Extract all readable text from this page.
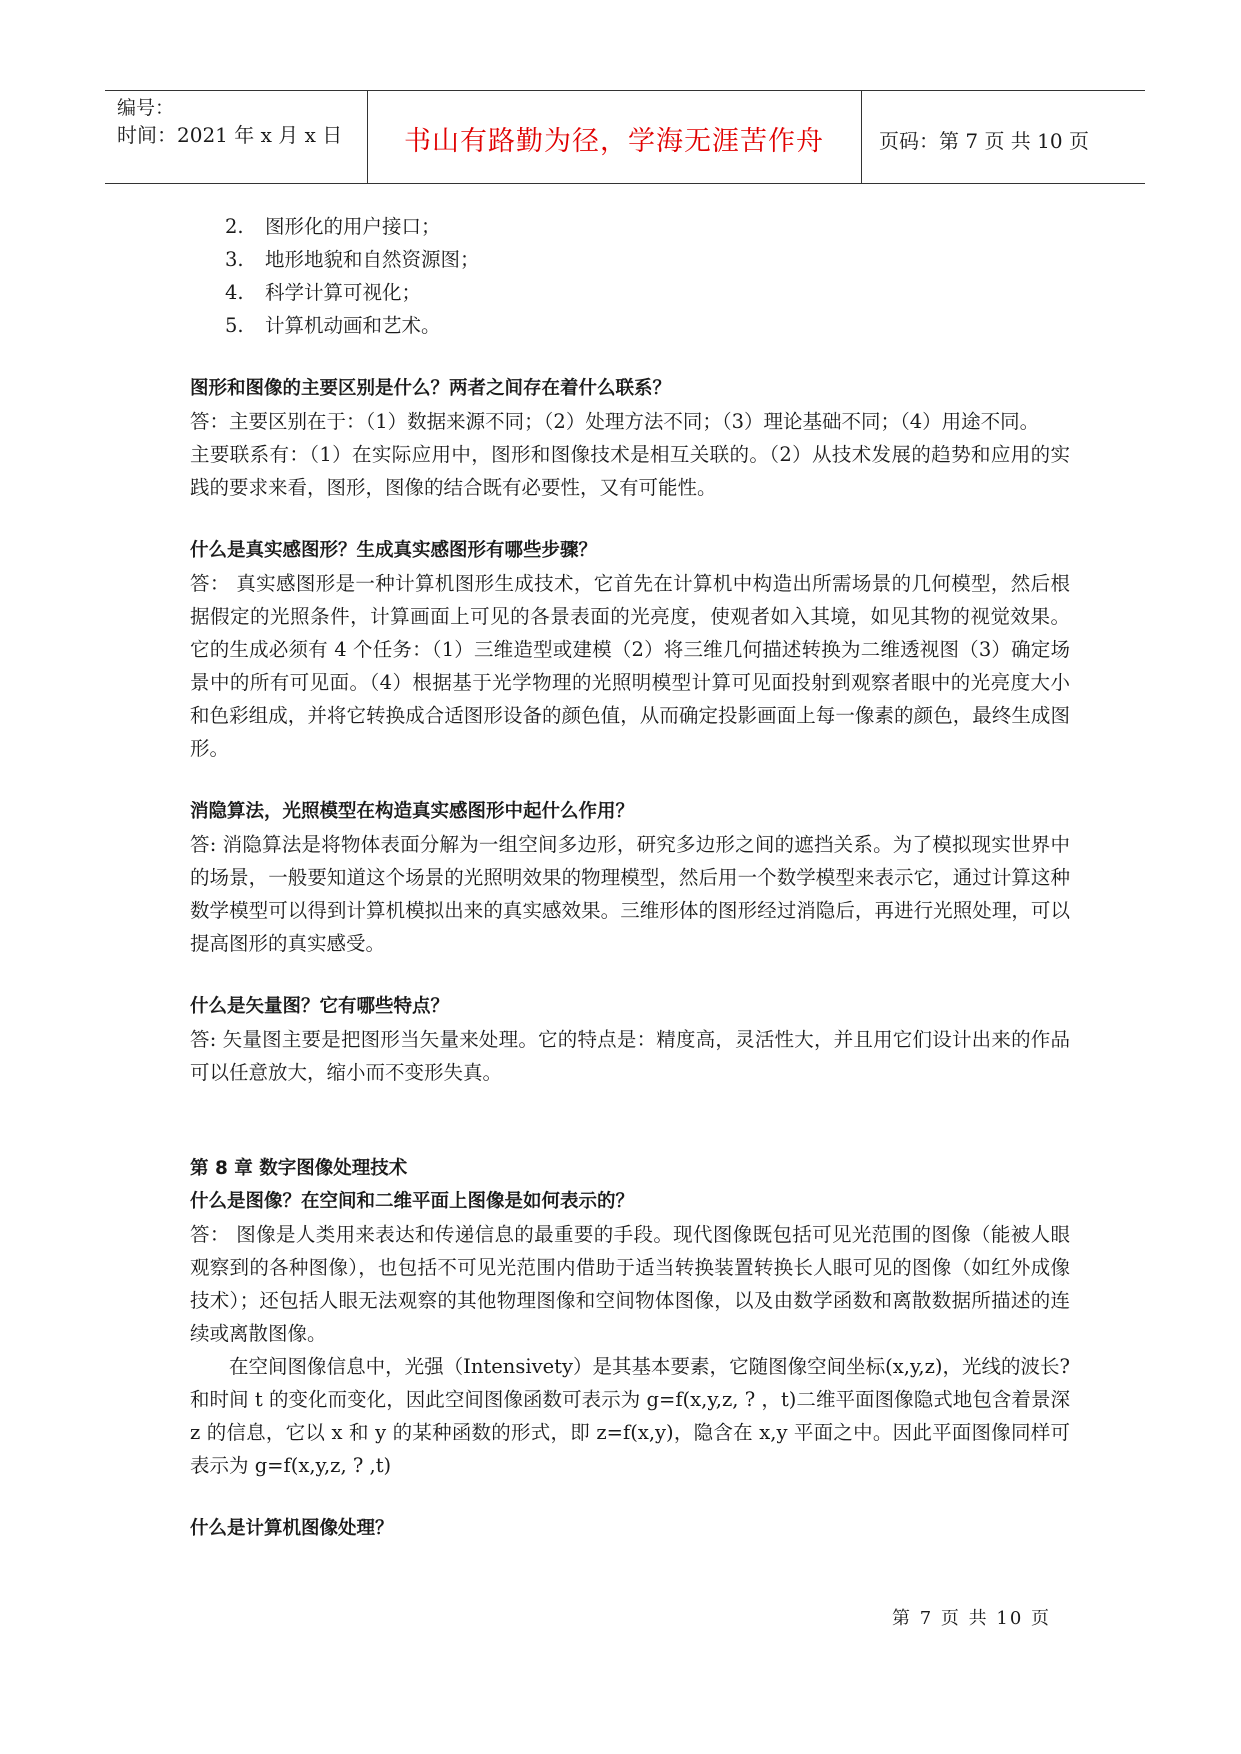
编号：
时间：2021 年 x 月 x 日	书山有路勤为径，学海无涯苦作舟	页码：第 7 页 共 10 页
2. 图形化的用户接口；
3. 地形地貌和自然资源图；
4. 科学计算可视化；
5. 计算机动画和艺术。

图形和图像的主要区别是什么？两者之间存在着什么联系？

答：主要区别在于：（1）数据来源不同；（2）处理方法不同；（3）理论基础不同；（4）用途不同。

主要联系有：（1）在实际应用中，图形和图像技术是相互关联的。（2）从技术发展的趋势和应用的实践的要求来看，图形，图像的结合既有必要性，又有可能性。

什么是真实感图形？生成真实感图形有哪些步骤？

答： 真实感图形是一种计算机图形生成技术，它首先在计算机中构造出所需场景的几何模型，然后根据假定的光照条件，计算画面上可见的各景表面的光亮度，使观者如入其境，如见其物的视觉效果。 它的生成必须有 4 个任务：（1）三维造型或建模（2）将三维几何描述转换为二维透视图（3）确定场景中的所有可见面。（4）根据基于光学物理的光照明模型计算可见面投射到观察者眼中的光亮度大小和色彩组成，并将它转换成合适图形设备的颜色值，从而确定投影画面上每一像素的颜色，最终生成图形。

消隐算法，光照模型在构造真实感图形中起什么作用？

答: 消隐算法是将物体表面分解为一组空间多边形，研究多边形之间的遮挡关系。为了模拟现实世界中的场景，一般要知道这个场景的光照明效果的物理模型，然后用一个数学模型来表示它，通过计算这种数学模型可以得到计算机模拟出来的真实感效果。三维形体的图形经过消隐后，再进行光照处理，可以提高图形的真实感受。

什么是矢量图？它有哪些特点？

答: 矢量图主要是把图形当矢量来处理。它的特点是：精度高，灵活性大，并且用它们设计出来的作品可以任意放大，缩小而不变形失真。

第 8 章 数字图像处理技术

什么是图像？在空间和二维平面上图像是如何表示的？

答： 图像是人类用来表达和传递信息的最重要的手段。现代图像既包括可见光范围的图像（能被人眼观察到的各种图像），也包括不可见光范围内借助于适当转换装置转换长人眼可见的图像（如红外成像技术）；还包括人眼无法观察的其他物理图像和空间物体图像，以及由数学函数和离散数据所描述的连续或离散图像。

在空间图像信息中，光强（Intensivety）是其基本要素，它随图像空间坐标(x,y,z)，光线的波长? 和时间 t 的变化而变化，因此空间图像函数可表示为 g=f(x,y,z, ? ，t)二维平面图像隐式地包含着景深 z 的信息，它以 x 和 y 的某种函数的形式，即 z=f(x,y)，隐含在 x,y 平面之中。因此平面图像同样可表示为 g=f(x,y,z, ? ,t)

什么是计算机图像处理？

第 7 页 共 10 页
